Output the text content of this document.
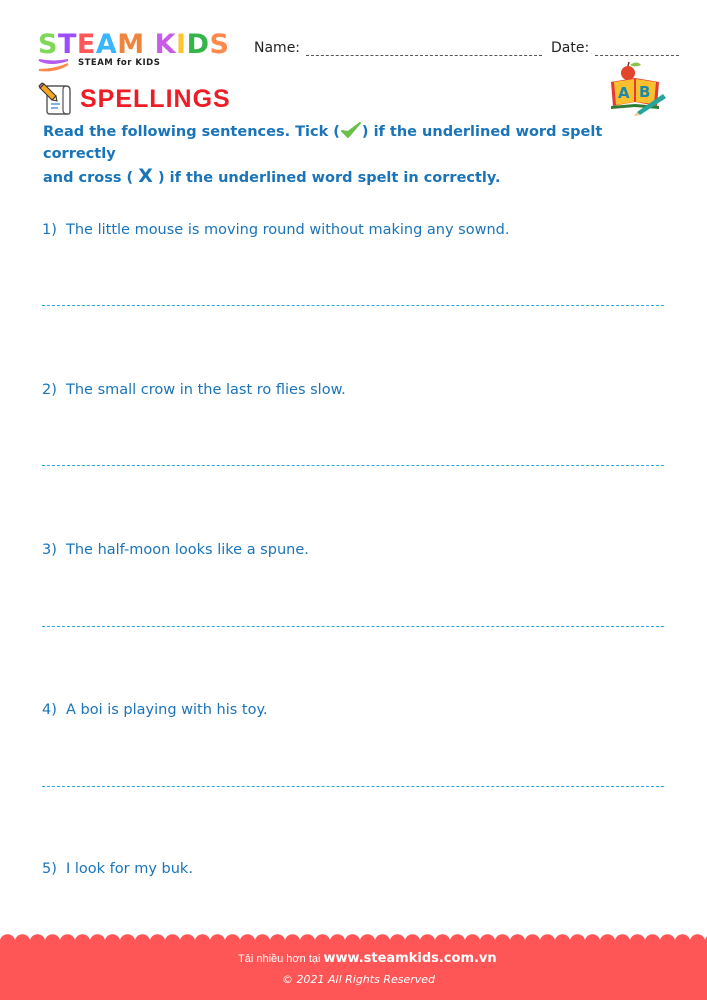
STEAM KIDS
STEAM for KIDS
Name:	Date:
A B
SPELLINGS
Read the following sentences. Tick ( ) if the underlined word spelt correctly
and cross ( X ) if the underlined word spelt in correctly.
1) The little mouse is moving round without making any sownd.
2) The small crow in the last ro flies slow.
3) The half-moon looks like a spune.
4) A boi is playing with his toy.
5) I look for my buk.
Tải nhiều hơn tại www.steamkids.com.vn
© 2021 All Rights Reserved
